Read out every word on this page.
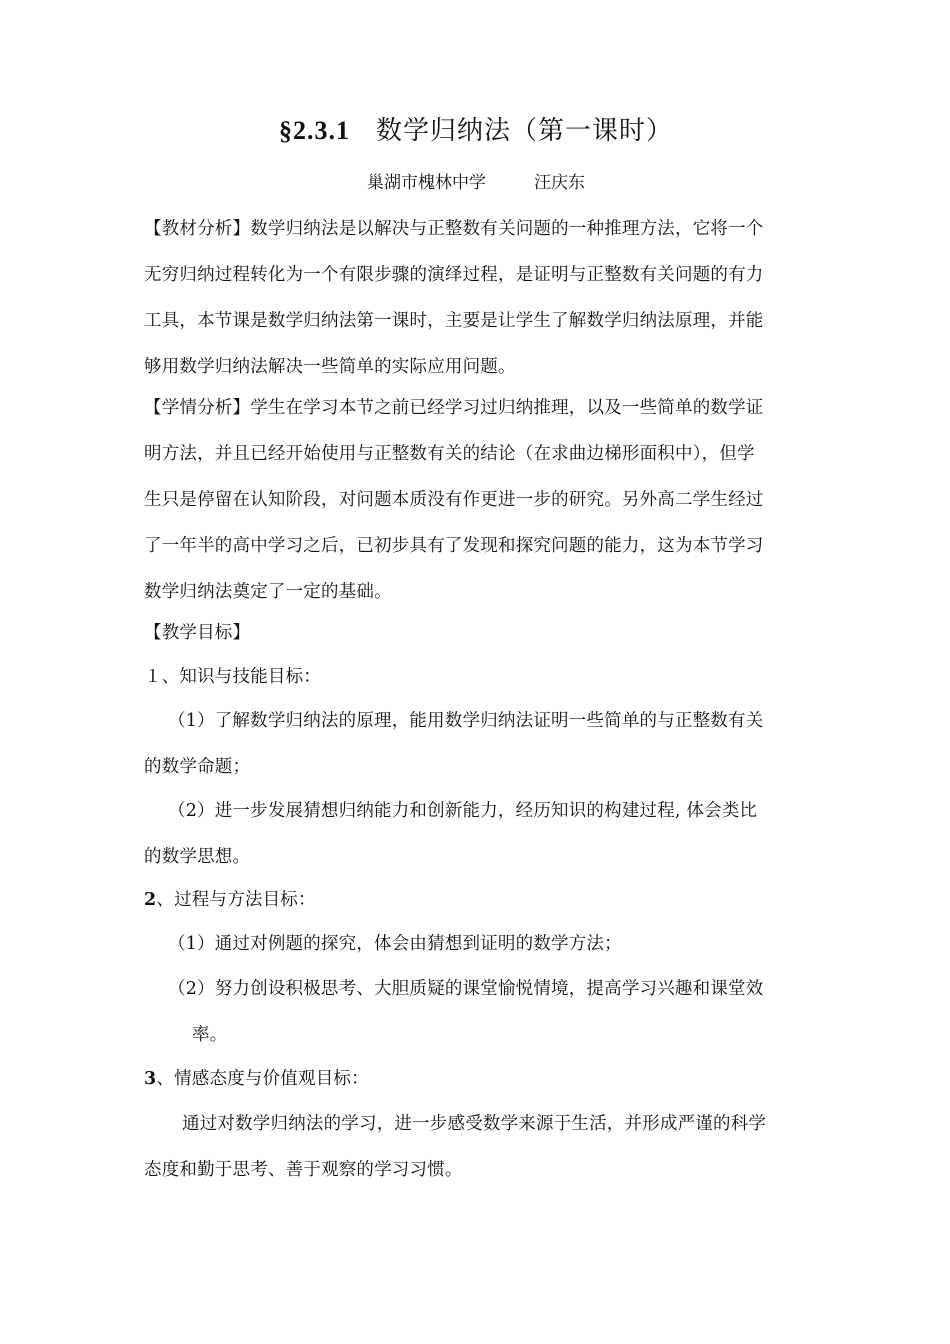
§2.3.1 数学归纳法（第一课时）
巢湖市槐林中学	汪庆东
【教材分析】数学归纳法是以解决与正整数有关问题的一种推理方法，它将一个
无穷归纳过程转化为一个有限步骤的演绎过程，是证明与正整数有关问题的有力
工具，本节课是数学归纳法第一课时，主要是让学生了解数学归纳法原理，并能
够用数学归纳法解决一些简单的实际应用问题。
【学情分析】学生在学习本节之前已经学习过归纳推理，以及一些简单的数学证
明方法，并且已经开始使用与正整数有关的结论（在求曲边梯形面积中），但学
生只是停留在认知阶段，对问题本质没有作更进一步的研究。另外高二学生经过
了一年半的高中学习之后，已初步具有了发现和探究问题的能力，这为本节学习
数学归纳法奠定了一定的基础。
【教学目标】
１、知识与技能目标：
（1）了解数学归纳法的原理，能用数学归纳法证明一些简单的与正整数有关
的数学命题；
（2）进一步发展猜想归纳能力和创新能力，经历知识的构建过程, 体会类比
的数学思想。
2、过程与方法目标：
（1）通过对例题的探究，体会由猜想到证明的数学方法；
（2）努力创设积极思考、大胆质疑的课堂愉悦情境，提高学习兴趣和课堂效
率。
3、情感态度与价值观目标：
通过对数学归纳法的学习，进一步感受数学来源于生活，并形成严谨的科学
态度和勤于思考、善于观察的学习习惯。
